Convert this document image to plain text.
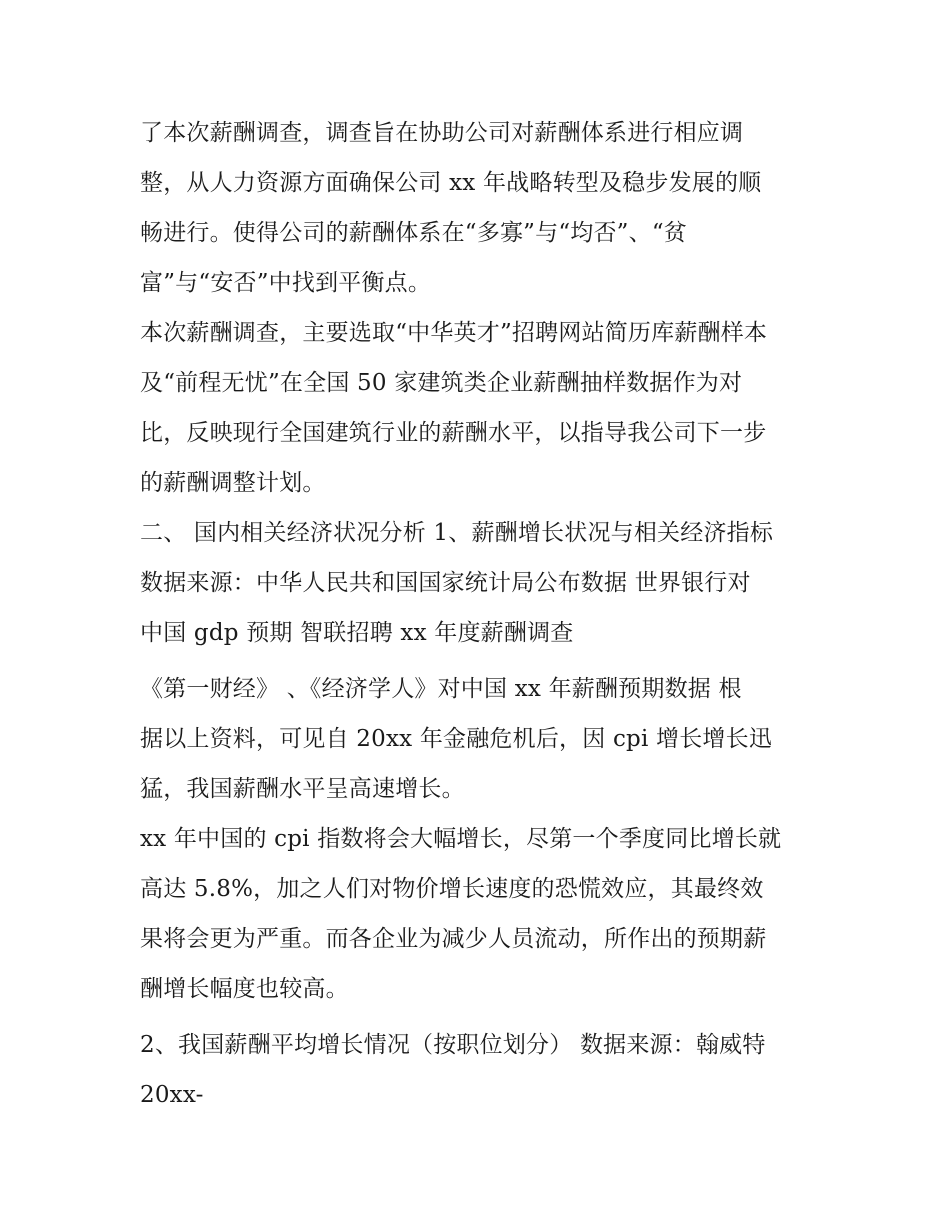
了本次薪酬调查，调查旨在协助公司对薪酬体系进行相应调
整，从人力资源方面确保公司 xx 年战略转型及稳步发展的顺
畅进行。使得公司的薪酬体系在“多寡”与“均否”、“贫
富”与“安否”中找到平衡点。
本次薪酬调查，主要选取“中华英才”招聘网站简历库薪酬样本
及“前程无忧”在全国 50 家建筑类企业薪酬抽样数据作为对
比，反映现行全国建筑行业的薪酬水平，以指导我公司下一步
的薪酬调整计划。
二、 国内相关经济状况分析 1、薪酬增长状况与相关经济指标
数据来源：中华人民共和国国家统计局公布数据 世界银行对
中国 gdp 预期 智联招聘 xx 年度薪酬调查
《第一财经》 、《经济学人》对中国 xx 年薪酬预期数据 根
据以上资料，可见自 20xx 年金融危机后，因 cpi 增长增长迅
猛，我国薪酬水平呈高速增长。
xx 年中国的 cpi 指数将会大幅增长，尽第一个季度同比增长就
高达 5.8%，加之人们对物价增长速度的恐慌效应，其最终效
果将会更为严重。而各企业为减少人员流动，所作出的预期薪
酬增长幅度也较高。
2、我国薪酬平均增长情况（按职位划分） 数据来源：翰威特
20xx-
